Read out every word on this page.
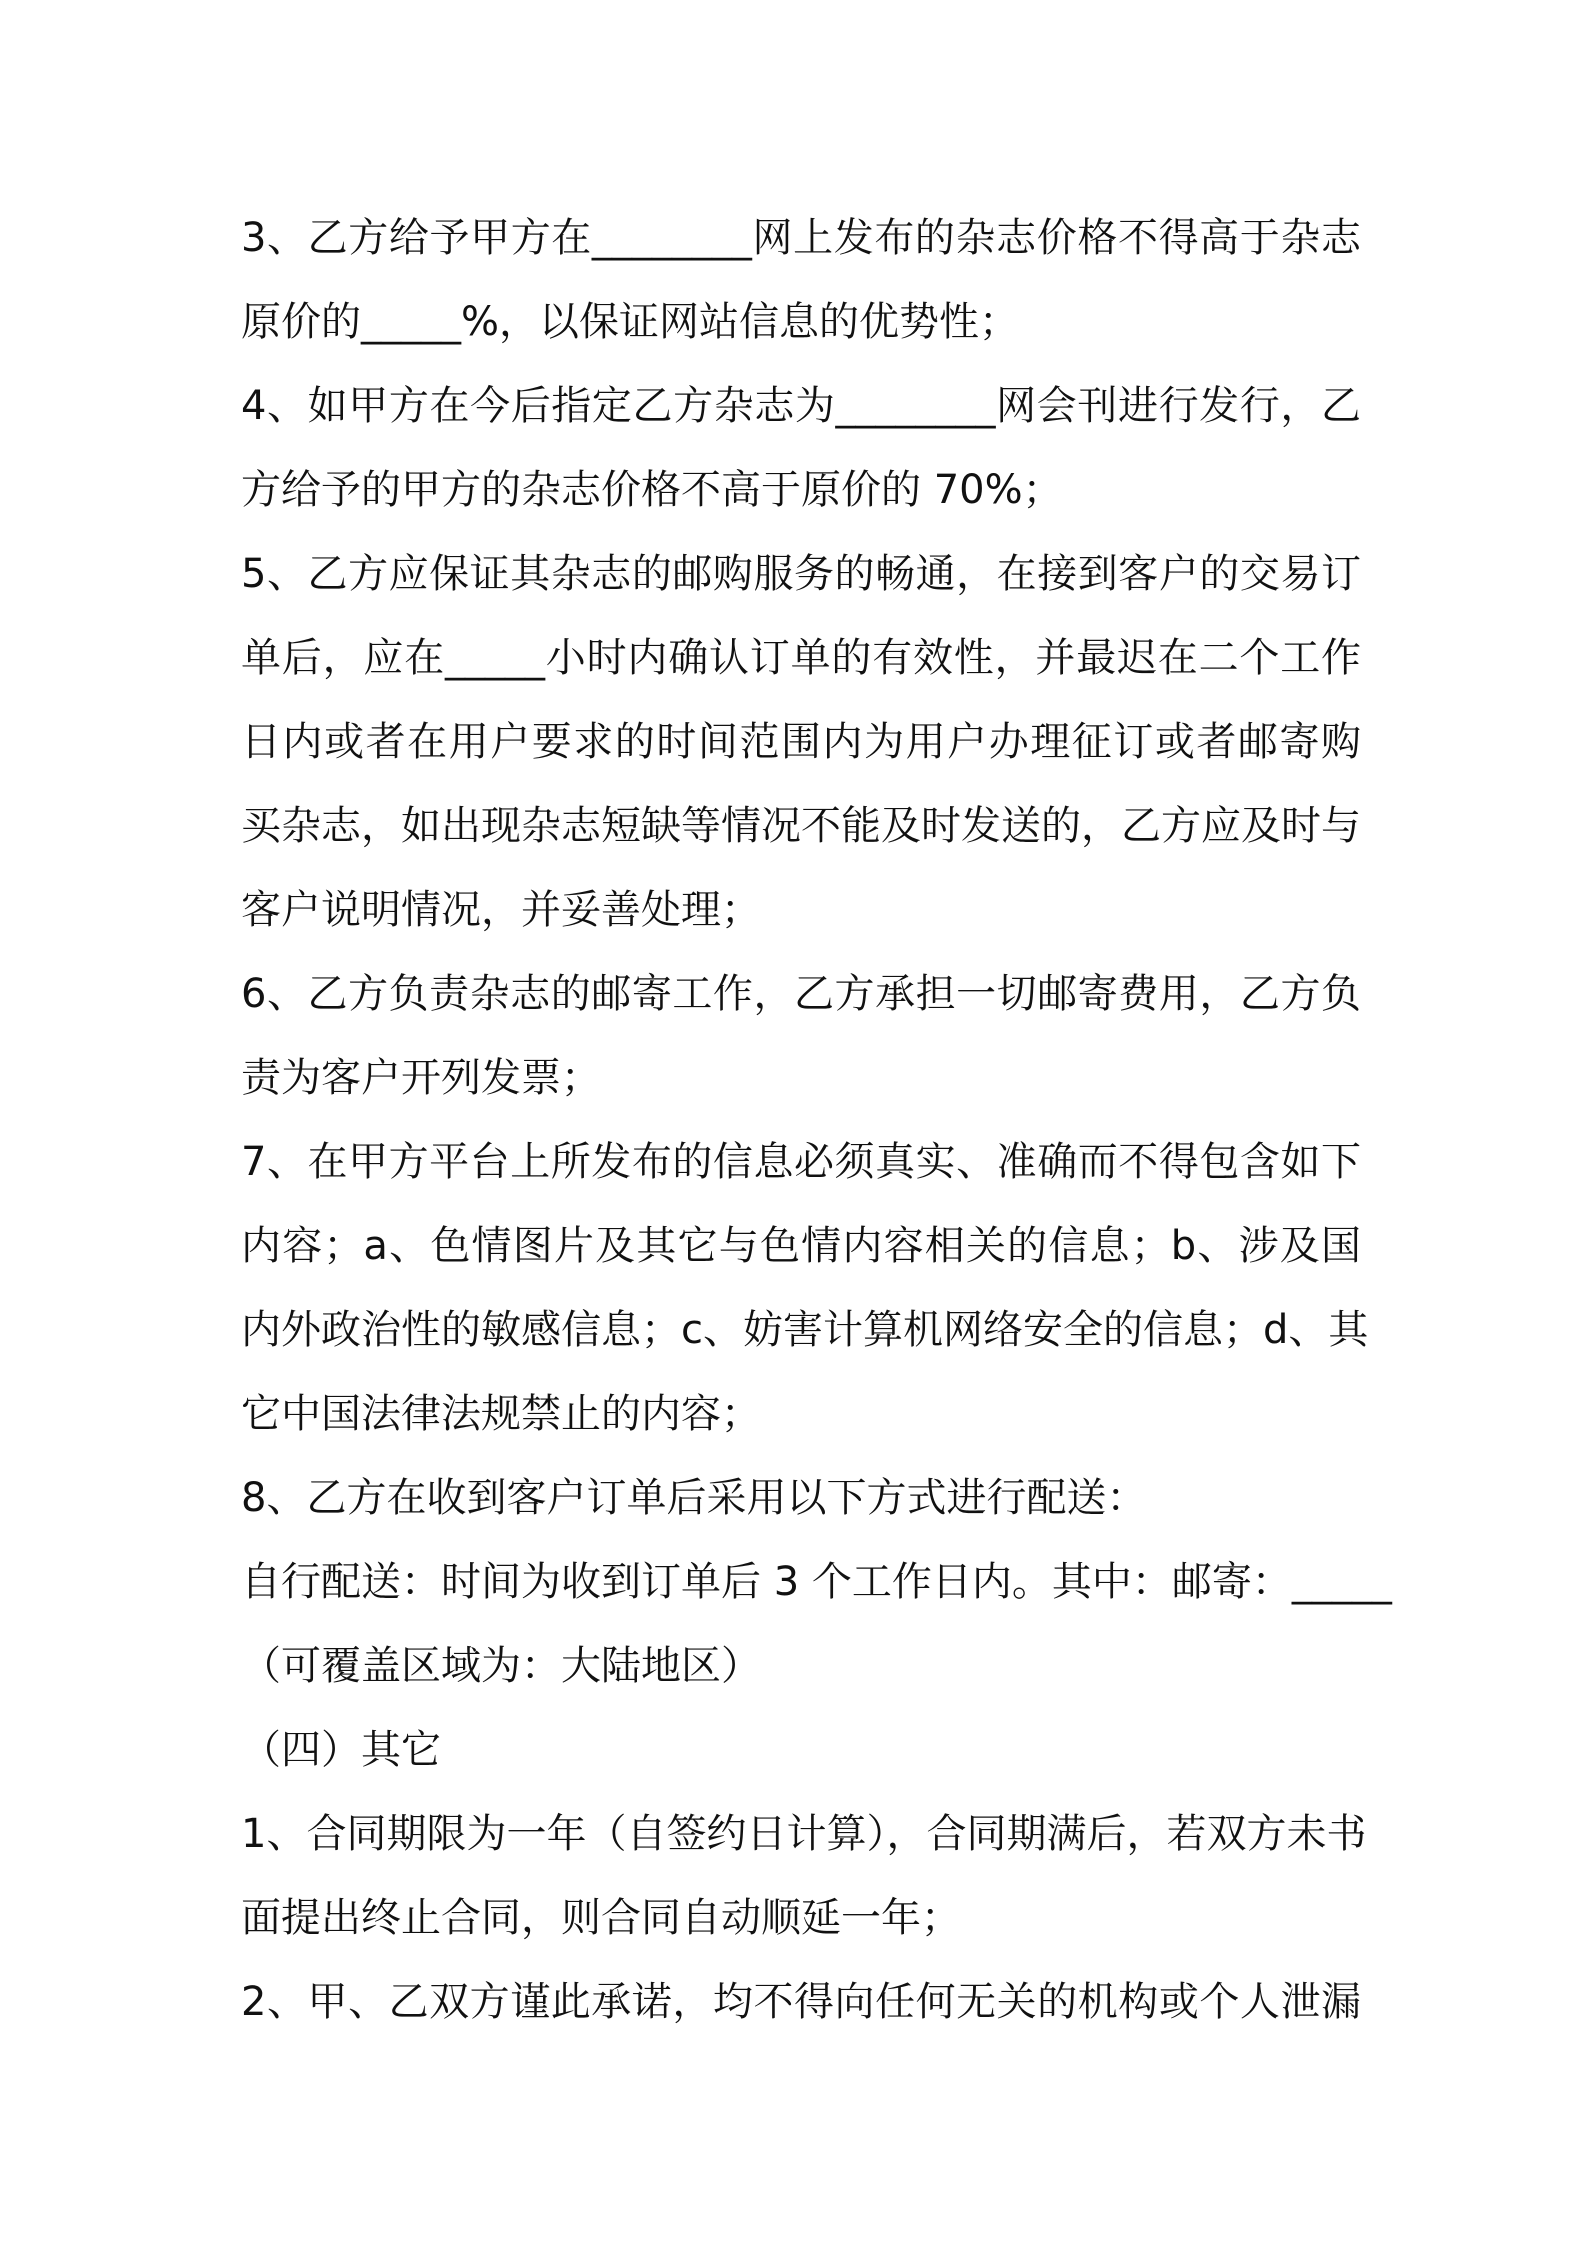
3、乙方给予甲方在________网上发布的杂志价格不得高于杂志
原价的_____%，以保证网站信息的优势性；
4、如甲方在今后指定乙方杂志为________网会刊进行发行，乙
方给予的甲方的杂志价格不高于原价的 70%；
5、乙方应保证其杂志的邮购服务的畅通，在接到客户的交易订
单后，应在_____小时内确认订单的有效性，并最迟在二个工作
日内或者在用户要求的时间范围内为用户办理征订或者邮寄购
买杂志，如出现杂志短缺等情况不能及时发送的，乙方应及时与
客户说明情况，并妥善处理；
6、乙方负责杂志的邮寄工作，乙方承担一切邮寄费用，乙方负
责为客户开列发票；
7、在甲方平台上所发布的信息必须真实、准确而不得包含如下
内容；a、色情图片及其它与色情内容相关的信息；b、涉及国
内外政治性的敏感信息；c、妨害计算机网络安全的信息；d、其
它中国法律法规禁止的内容；
8、乙方在收到客户订单后采用以下方式进行配送：
自行配送：时间为收到订单后 3 个工作日内。其中：邮寄：_____
（可覆盖区域为：大陆地区）
（四）其它
1、合同期限为一年（自签约日计算），合同期满后，若双方未书
面提出终止合同，则合同自动顺延一年；
2、甲、乙双方谨此承诺，均不得向任何无关的机构或个人泄漏
